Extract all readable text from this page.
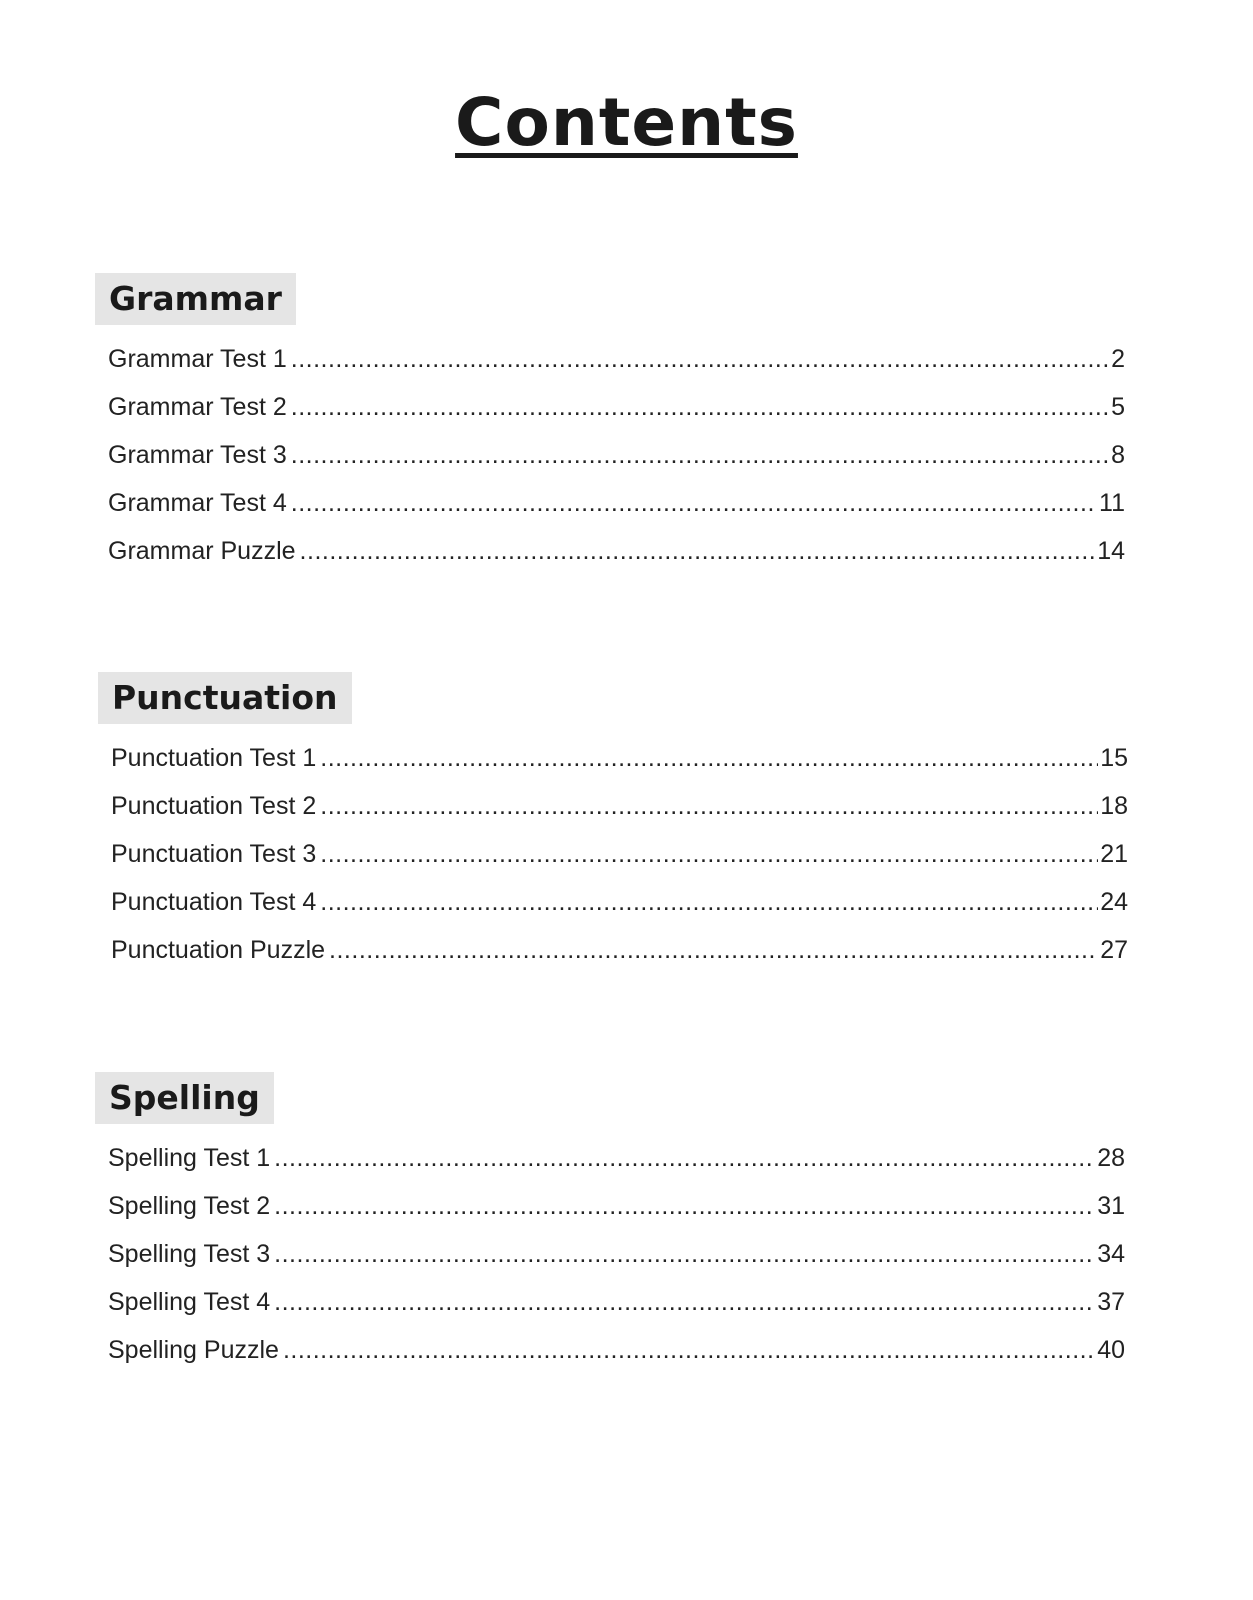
Contents
Grammar
Grammar Test 1 .....	2
Grammar Test 2 .....	5
Grammar Test 3 .....	8
Grammar Test 4 .....	11
Grammar Puzzle .....	14
Punctuation
Punctuation Test 1 .....	15
Punctuation Test 2 .....	18
Punctuation Test 3 .....	21
Punctuation Test 4 .....	24
Punctuation Puzzle .....	27
Spelling
Spelling Test 1 .....	28
Spelling Test 2 .....	31
Spelling Test 3 .....	34
Spelling Test 4 .....	37
Spelling Puzzle .....	40
